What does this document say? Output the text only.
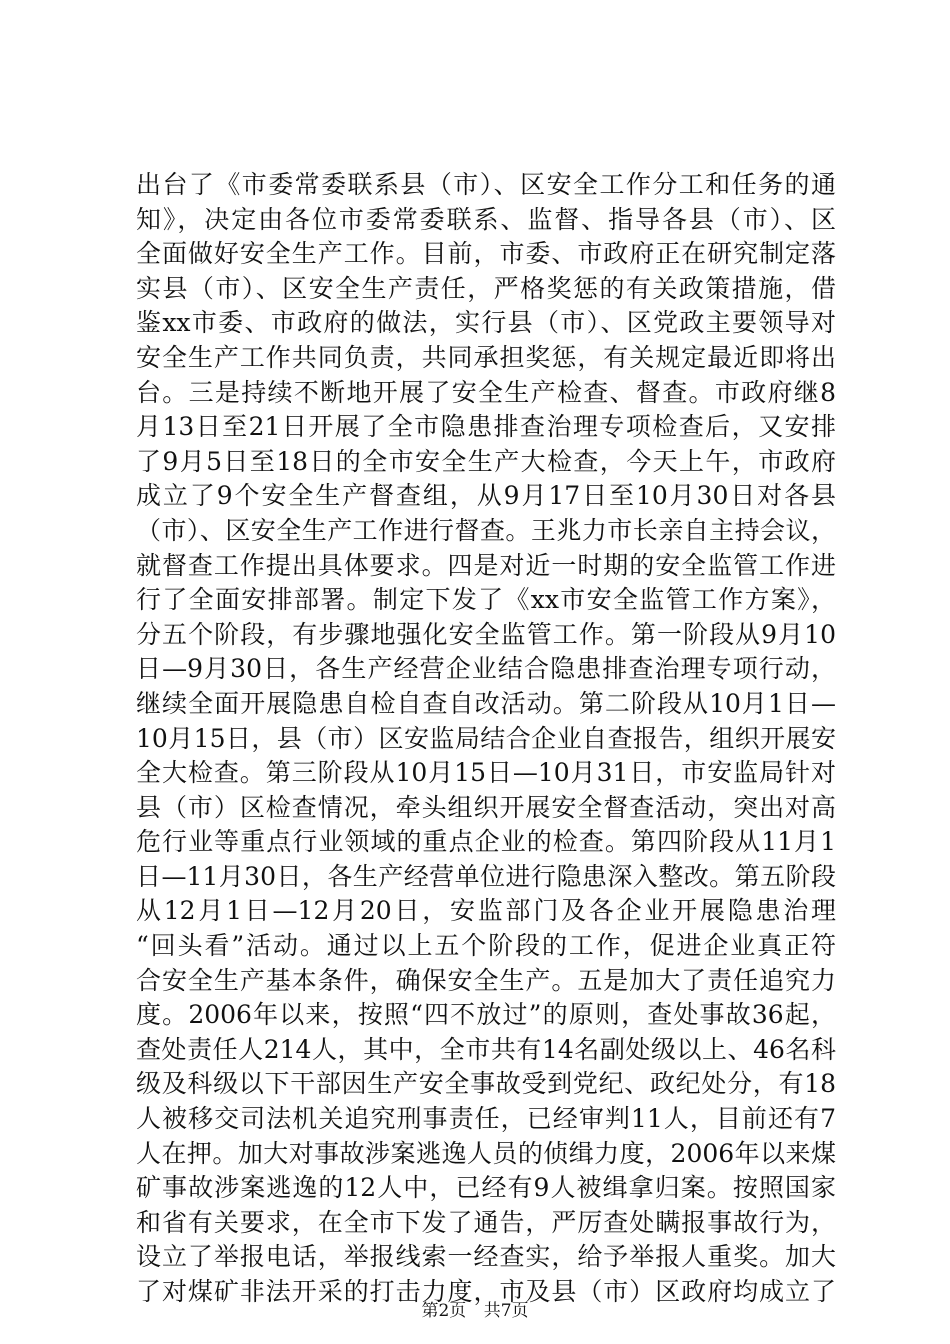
出台了《市委常委联系县（市）、区安全工作分工和任务的通
知》，决定由各位市委常委联系、监督、指导各县（市）、区
全面做好安全生产工作。目前，市委、市政府正在研究制定落
实县（市）、区安全生产责任，严格奖惩的有关政策措施，借
鉴xx市委、市政府的做法，实行县（市）、区党政主要领导对
安全生产工作共同负责，共同承担奖惩，有关规定最近即将出
台。三是持续不断地开展了安全生产检查、督查。市政府继8
月13日至21日开展了全市隐患排查治理专项检查后，又安排
了9月5日至18日的全市安全生产大检查，今天上午，市政府
成立了9个安全生产督查组，从9月17日至10月30日对各县
（市）、区安全生产工作进行督查。王兆力市长亲自主持会议，
就督查工作提出具体要求。四是对近一时期的安全监管工作进
行了全面安排部署。制定下发了《xx市安全监管工作方案》，
分五个阶段，有步骤地强化安全监管工作。第一阶段从9月10
日—9月30日，各生产经营企业结合隐患排查治理专项行动，
继续全面开展隐患自检自查自改活动。第二阶段从10月1日—
10月15日，县（市）区安监局结合企业自查报告，组织开展安
全大检查。第三阶段从10月15日—10月31日，市安监局针对
县（市）区检查情况，牵头组织开展安全督查活动，突出对高
危行业等重点行业领域的重点企业的检查。第四阶段从11月1
日—11月30日，各生产经营单位进行隐患深入整改。第五阶段
从12月1日—12月20日，安监部门及各企业开展隐患治理
“回头看”活动。通过以上五个阶段的工作，促进企业真正符
合安全生产基本条件，确保安全生产。五是加大了责任追究力
度。2006年以来，按照“四不放过”的原则，查处事故36起，
查处责任人214人，其中，全市共有14名副处级以上、46名科
级及科级以下干部因生产安全事故受到党纪、政纪处分，有18
人被移交司法机关追究刑事责任，已经审判11人，目前还有7
人在押。加大对事故涉案逃逸人员的侦缉力度，2006年以来煤
矿事故涉案逃逸的12人中，已经有9人被缉拿归案。按照国家
和省有关要求，在全市下发了通告，严厉查处瞒报事故行为，
设立了举报电话，举报线索一经查实，给予举报人重奖。加大
了对煤矿非法开采的打击力度，市及县（市）区政府均成立了
第2页 共7页
